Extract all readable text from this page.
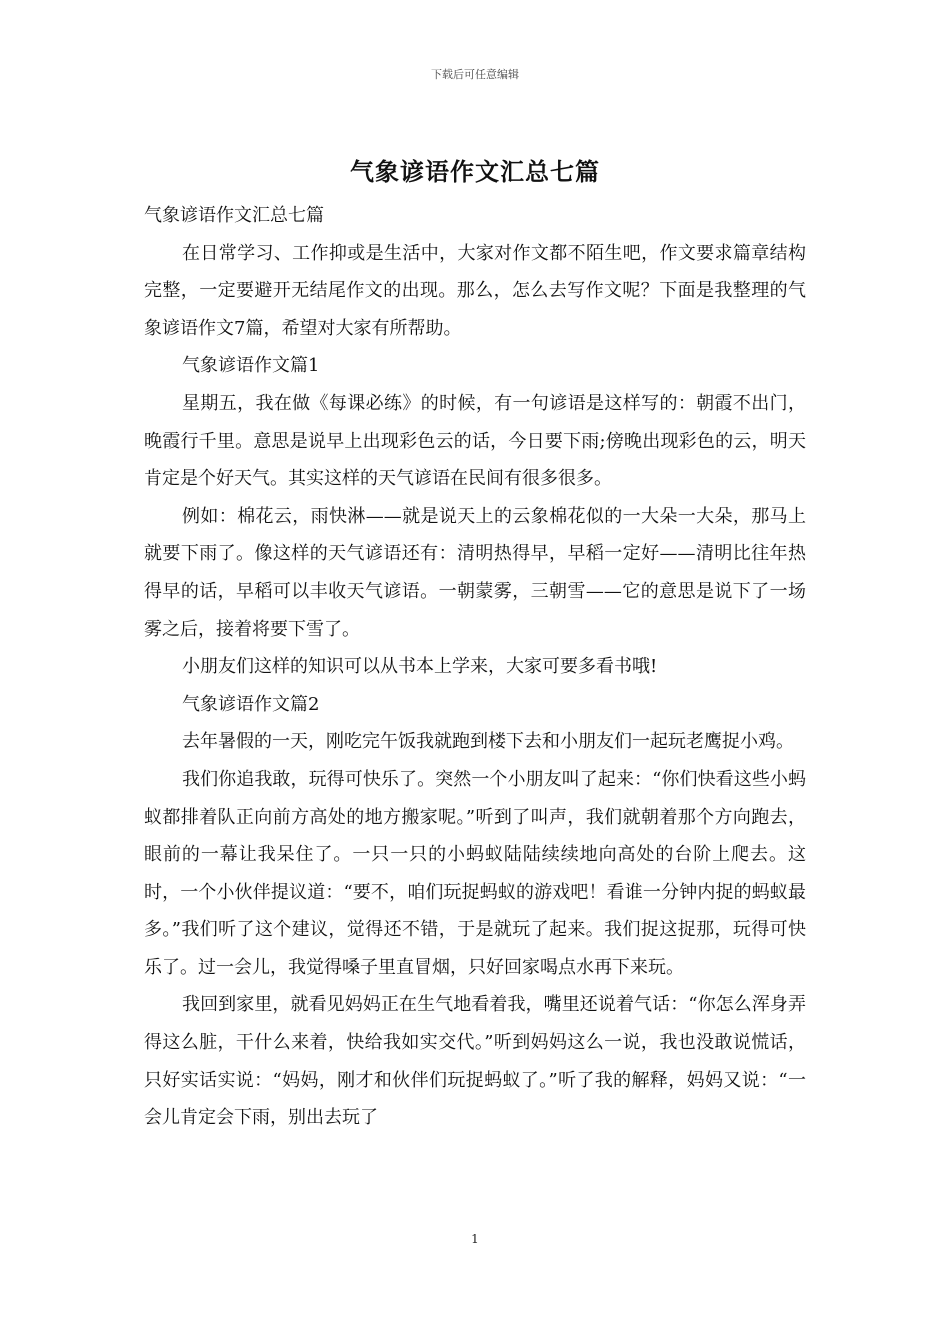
下载后可任意编辑
气象谚语作文汇总七篇

气象谚语作文汇总七篇

在日常学习、工作抑或是生活中，大家对作文都不陌生吧，作文要求篇章结构完整，一定要避开无结尾作文的出现。那么，怎么去写作文呢？下面是我整理的气象谚语作文7篇，希望对大家有所帮助。

气象谚语作文篇1

星期五，我在做《每课必练》的时候，有一句谚语是这样写的：朝霞不出门，晚霞行千里。意思是说早上出现彩色云的话，今日要下雨;傍晚出现彩色的云，明天肯定是个好天气。其实这样的天气谚语在民间有很多很多。

例如：棉花云，雨快淋——就是说天上的云象棉花似的一大朵一大朵，那马上就要下雨了。像这样的天气谚语还有：清明热得早，早稻一定好——清明比往年热得早的话，早稻可以丰收天气谚语。一朝蒙雾，三朝雪——它的意思是说下了一场雾之后，接着将要下雪了。

小朋友们这样的知识可以从书本上学来，大家可要多看书哦!

气象谚语作文篇2

去年暑假的一天，刚吃完午饭我就跑到楼下去和小朋友们一起玩老鹰捉小鸡。

我们你追我敢，玩得可快乐了。突然一个小朋友叫了起来：“你们快看这些小蚂蚁都排着队正向前方高处的地方搬家呢。”听到了叫声，我们就朝着那个方向跑去，眼前的一幕让我呆住了。一只一只的小蚂蚁陆陆续续地向高处的台阶上爬去。这时，一个小伙伴提议道：“要不，咱们玩捉蚂蚁的游戏吧！看谁一分钟内捉的蚂蚁最多。”我们听了这个建议，觉得还不错，于是就玩了起来。我们捉这捉那，玩得可快乐了。过一会儿，我觉得嗓子里直冒烟，只好回家喝点水再下来玩。

我回到家里，就看见妈妈正在生气地看着我，嘴里还说着气话：“你怎么浑身弄得这么脏，干什么来着，快给我如实交代。”听到妈妈这么一说，我也没敢说慌话，只好实话实说：“妈妈，刚才和伙伴们玩捉蚂蚁了。”听了我的解释，妈妈又说：“一会儿肯定会下雨，别出去玩了

1
